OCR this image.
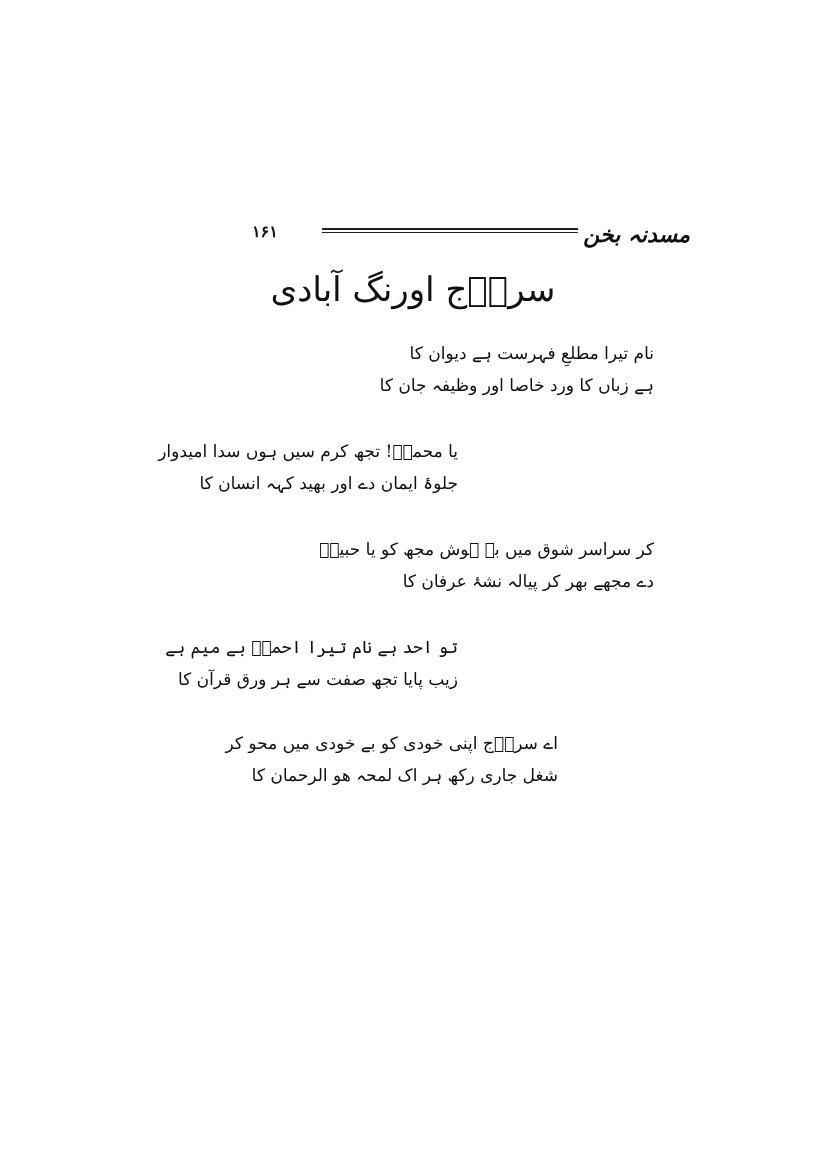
مسدنہ بخن
۱۶۱
سراؔج اورنگ آبادی
نام تیرا مطلعِ فہرست ہے دیوان کا
ہے زباں کا ورد خاصا اور وظیفہ جان کا
یا محمدؐ! تجھ کرم سیں ہوں سدا امیدوار
جلوۂ ایمان دے اور بھید کہہ انسان کا
کر سراسر شوق میں بے ہوش مجھ کو یا حبیبؐ
دے مجھے بھر کر پیالہ نشۂ عرفان کا
تو احد ہے نام تیرا احمدؐ بے میم ہے
زیب پایا تجھ صفت سے ہر ورق قرآن کا
اے سراؔج اپنی خودی کو بے خودی میں محو کر
شغل جاری رکھ ہر اک لمحہ ھو الرحمان کا
